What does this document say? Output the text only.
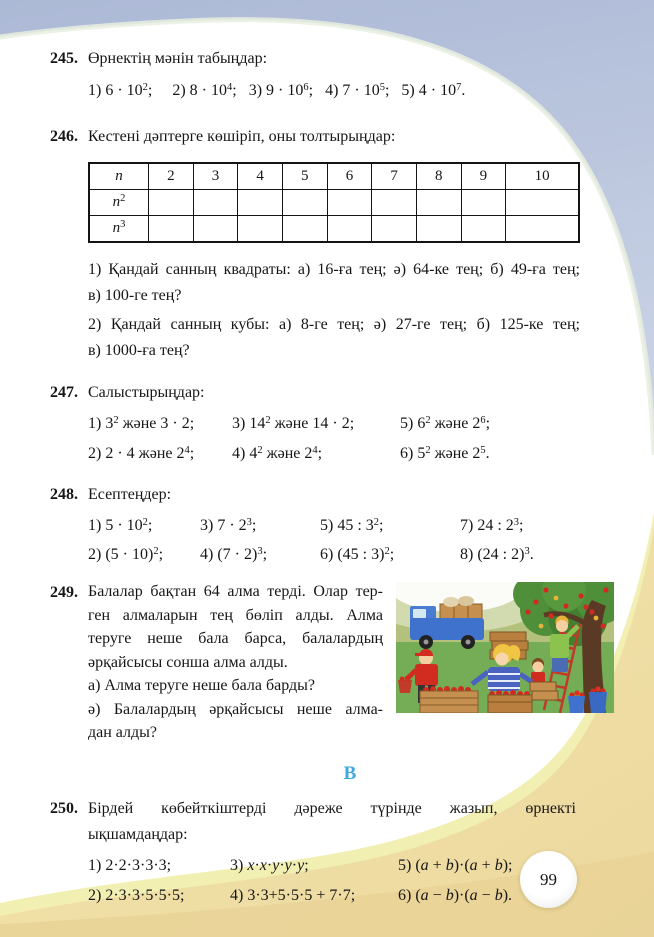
245. Өрнектің мәнін табыңдар:
1) $6 \cdot 10^2$;     2) $8 \cdot 10^4$;   3) $9 \cdot 10^6$;   4) $7 \cdot 10^5$;   5) $4 \cdot 10^7$.
246. Кестені дәптерге көшіріп, оны толтырыңдар:
n	2	3	4	5	6	7	8	9	10
$n^2$									
$n^3$									
1) Қандай санның квадраты: а) 16-ға тең; ә) 64-ке тең; б) 49-ға тең;
в) 100-ге тең?
2) Қандай санның кубы: а) 8-ге тең; ә) 27-ге тең; б) 125-ке тең;
в) 1000-ға тең?
247. Салыстырыңдар:
1) $3^2$ және 3 · 2;	3) $14^2$ және 14 · 2;	5) $6^2$ және $2^6$;
2) 2 · 4 және $2^4$;	4) $4^2$ және $2^4$;	6) $5^2$ және $2^5$.
248. Есептеңдер:
1) $5 \cdot 10^2$;	3) $7 \cdot 2^3$;	5) 45 : $3^2$;	7) 24 : $2^3$;
2) $(5 \cdot 10)^2$;	4) $(7 \cdot 2)^3$;	6) (45 : 3)$^2$;	8) (24 : 2)$^3$.
249. Балалар бақтан 64 алма терді. Олар тер-
ген алмаларын тең бөліп алды. Алма
теруге неше бала барса, балалардың
әрқайсысы сонша алма алды.
а) Алма теруге неше бала барды?
ә) Балалардың әрқайсысы неше алма-
дан алды?
В
250. Бірдей көбейткіштерді дәреже түрінде жазып, өрнекті
ықшамдаңдар:
1) 2·2·3·3·3;	3) x·x·y·y·y;	5) (a + b)·(a + b);
2) 2·3·3·5·5·5;	4) 3·3+5·5·5 + 7·7;	6) (a − b)·(a − b).
99
